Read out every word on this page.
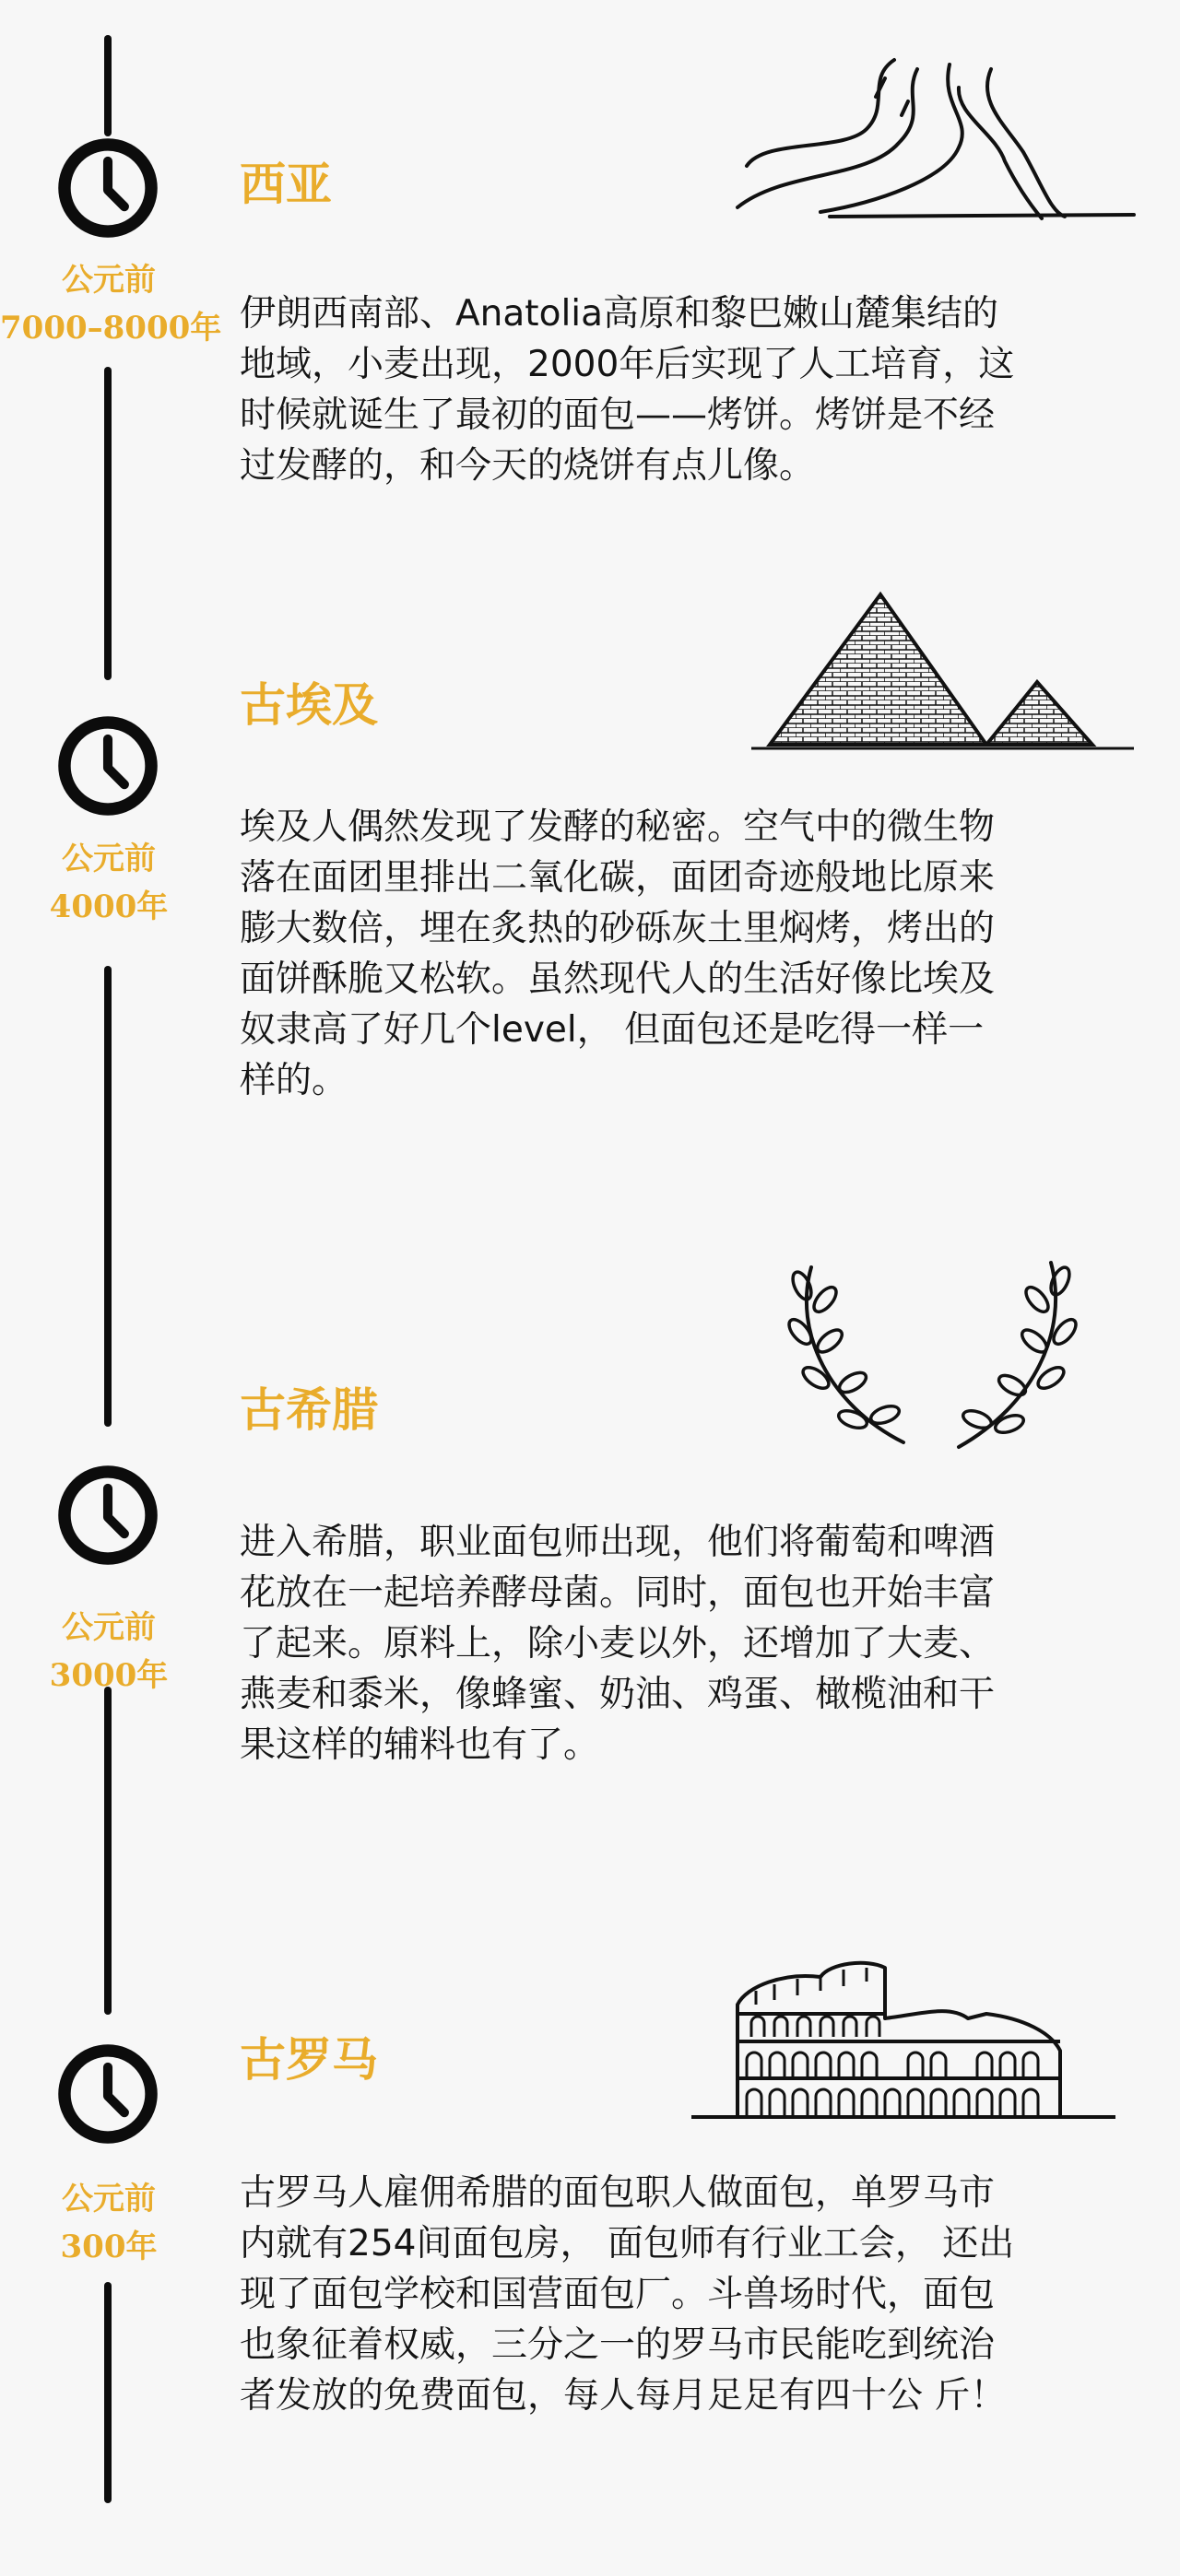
公元前
7000–8000年
西亚
伊朗西南部、Anatolia高原和黎巴嫩山麓集结的
地域，小麦出现，2000年后实现了人工培育，这
时候就诞生了最初的面包——烤饼。烤饼是不经
过发酵的，和今天的烧饼有点儿像。
公元前
4000年
古埃及
埃及人偶然发现了发酵的秘密。空气中的微生物
落在面团里排出二氧化碳，面团奇迹般地比原来
膨大数倍，埋在炙热的砂砾灰土里焖烤，烤出的
面饼酥脆又松软。虽然现代人的生活好像比埃及
奴隶高了好几个level， 但面包还是吃得一样一
样的。
公元前
3000年
古希腊
进入希腊，职业面包师出现，他们将葡萄和啤酒
花放在一起培养酵母菌。同时，面包也开始丰富
了起来。原料上，除小麦以外，还增加了大麦、
燕麦和黍米，像蜂蜜、奶油、鸡蛋、橄榄油和干
果这样的辅料也有了。
公元前
300年
古罗马
古罗马人雇佣希腊的面包职人做面包，单罗马市
内就有254间面包房， 面包师有行业工会， 还出
现了面包学校和国营面包厂。斗兽场时代，面包
也象征着权威，三分之一的罗马市民能吃到统治
者发放的免费面包，每人每月足足有四十公 斤！
